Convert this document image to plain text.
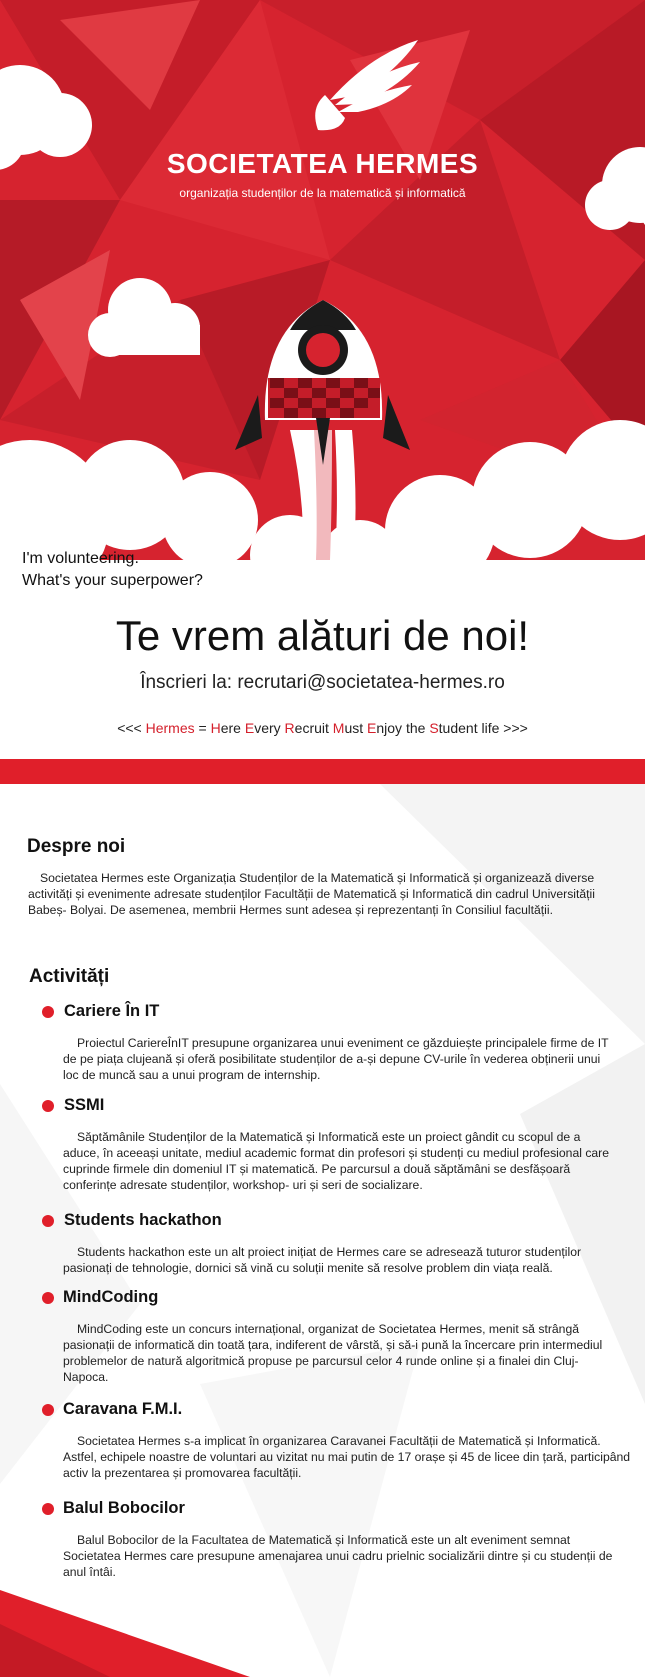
SOCIETATEA HERMES
organizația studenților de la matematică și informatică
I'm volunteering.
What's your superpower?
Te vrem alături de noi!
Înscrieri la: recrutari@societatea-hermes.ro
<<< Hermes = Here Every Recruit Must Enjoy the Student life >>>
Despre noi
Societatea Hermes este Organizația Studenților de la Matematică și Informatică și organizează diverse activități și evenimente adresate studenților Facultății de Matematică și Informatică din cadrul Universității Babeș- Bolyai. De asemenea, membrii Hermes sunt adesea și reprezentanți în Consiliul facultății.
Activități
Cariere În IT
Proiectul CariereÎnIT presupune organizarea unui eveniment ce găzduiește principalele firme de IT de pe piața clujeană și oferă posibilitate studenților de a-și depune CV-urile în vederea obținerii unui loc de muncă sau a unui program de internship.
SSMI
Săptămânile Studenților de la Matematică și Informatică este un proiect gândit cu scopul de a aduce, în aceeași unitate, mediul academic format din profesori și studenți cu mediul profesional care cuprinde firmele din domeniul IT și matematică. Pe parcursul a două săptămâni se desfășoară conferințe adresate studenților, workshop- uri și seri de socializare.
Students hackathon
Students hackathon este un alt proiect inițiat de Hermes care se adresează tuturor studenților pasionați de tehnologie, dornici să vină cu soluții menite să resolve problem din viața reală.
MindCoding
MindCoding este un concurs internațional, organizat de Societatea Hermes, menit să strângă pasionații de informatică din toată țara, indiferent de vârstă, și să-i pună la încercare prin intermediul problemelor de natură algoritmică propuse pe parcursul celor 4 runde online și a finalei din Cluj-Napoca.
Caravana F.M.I.
Societatea Hermes s-a implicat în organizarea Caravanei Facultății de Matematică și Informatică. Astfel, echipele noastre de voluntari au vizitat nu mai putin de 17 orașe și 45 de licee din țară, participând activ la prezentarea și promovarea facultății.
Balul Bobocilor
Balul Bobocilor de la Facultatea de Matematică și Informatică este un alt eveniment semnat Societatea Hermes care presupune amenajarea unui cadru prielnic socializării dintre și cu studenții de anul întâi.
